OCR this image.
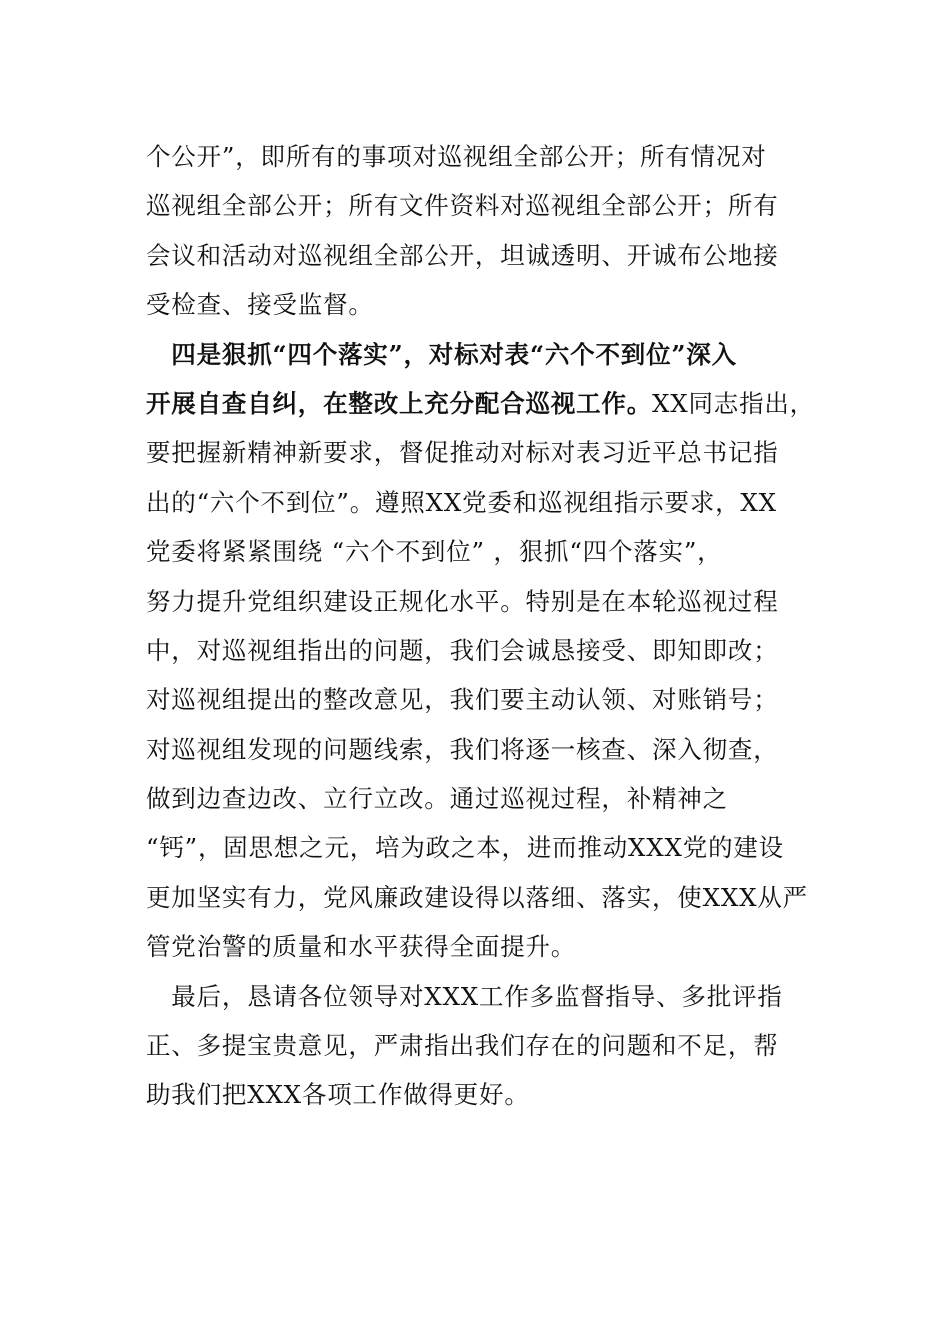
个公开”，即所有的事项对巡视组全部公开；所有情况对
巡视组全部公开；所有文件资料对巡视组全部公开；所有
会议和活动对巡视组全部公开，坦诚透明、开诚布公地接
受检查、接受监督。
　四是狠抓“四个落实”，对标对表“六个不到位”深入
开展自查自纠，在整改上充分配合巡视工作。XX同志指出，
要把握新精神新要求，督促推动对标对表习近平总书记指
出的“六个不到位”。遵照XX党委和巡视组指示要求，XX
党委将紧紧围绕 “六个不到位” ，狠抓“四个落实”，
努力提升党组织建设正规化水平。特别是在本轮巡视过程
中，对巡视组指出的问题，我们会诚恳接受、即知即改；
对巡视组提出的整改意见，我们要主动认领、对账销号；
对巡视组发现的问题线索，我们将逐一核查、深入彻查，
做到边查边改、立行立改。通过巡视过程，补精神之
“钙”，固思想之元，培为政之本，进而推动XXX党的建设
更加坚实有力，党风廉政建设得以落细、落实，使XXX从严
管党治警的质量和水平获得全面提升。
　最后，恳请各位领导对XXX工作多监督指导、多批评指
正、多提宝贵意见，严肃指出我们存在的问题和不足，帮
助我们把XXX各项工作做得更好。
